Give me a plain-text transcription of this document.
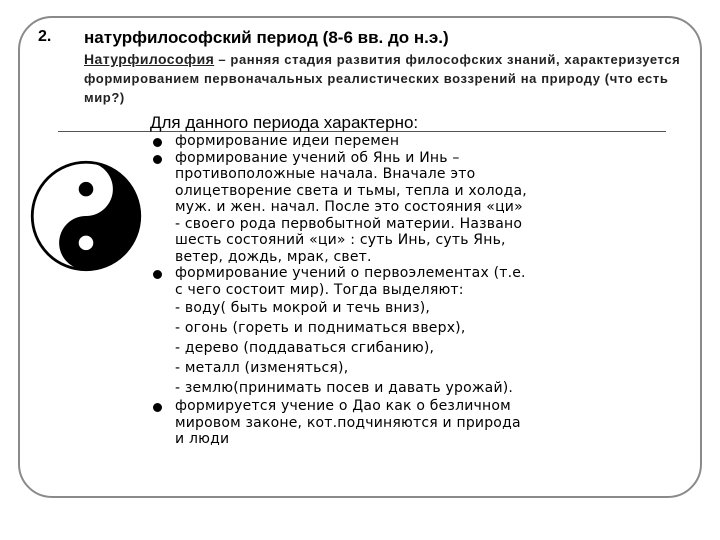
2. натурфилософский период (8-6 вв. до н.э.)
Натурфилософия – ранняя стадия развития философских знаний, характеризуется формированием первоначальных реалистических воззрений на природу (что есть мир?)
Для данного периода характерно:
формирование идеи перемен
формирование учений об Янь и Инь –
противоположные начала. Вначале это
олицетворение света и тьмы, тепла и холода,
муж. и жен. начал. После это состояния «ци»
- своего рода первобытной материи. Названо
шесть состояний «ци» : суть Инь, суть Янь,
ветер, дождь, мрак, свет.
формирование учений о первоэлементах (т.е.
с чего состоит мир). Тогда выделяют:
- воду( быть мокрой и течь вниз),
- огонь (гореть и подниматься вверх),
- дерево (поддаваться сгибанию),
- металл (изменяться),
- землю(принимать посев и давать урожай).
формируется учение о Дао как о безличном
мировом законе, кот.подчиняются и природа
и люди
